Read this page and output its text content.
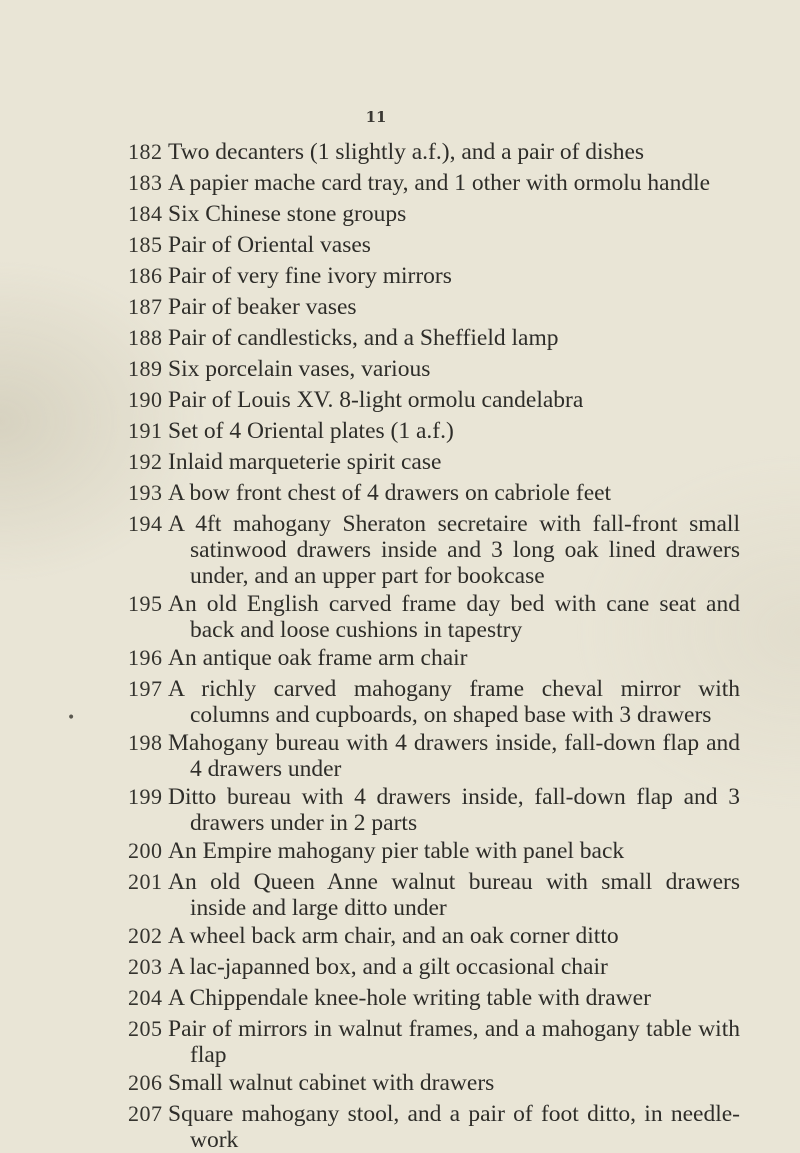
11
•
182 Two decanters (1 slightly a.f.), and a pair of dishes
183 A papier mache card tray, and 1 other with ormolu handle
184 Six Chinese stone groups
185 Pair of Oriental vases
186 Pair of very fine ivory mirrors
187 Pair of beaker vases
188 Pair of candlesticks, and a Sheffield lamp
189 Six porcelain vases, various
190 Pair of Louis XV. 8-light ormolu candelabra
191 Set of 4 Oriental plates (1 a.f.)
192 Inlaid marqueterie spirit case
193 A bow front chest of 4 drawers on cabriole feet
194 A 4ft mahogany Sheraton secretaire with fall-front small satinwood drawers inside and 3 long oak lined drawers under, and an upper part for bookcase
195 An old English carved frame day bed with cane seat and back and loose cushions in tapestry
196 An antique oak frame arm chair
197 A richly carved mahogany frame cheval mirror with columns and cupboards, on shaped base with 3 drawers
198 Mahogany bureau with 4 drawers inside, fall-down flap and 4 drawers under
199 Ditto bureau with 4 drawers inside, fall-down flap and 3 drawers under in 2 parts
200 An Empire mahogany pier table with panel back
201 An old Queen Anne walnut bureau with small drawers inside and large ditto under
202 A wheel back arm chair, and an oak corner ditto
203 A lac-japanned box, and a gilt occasional chair
204 A Chippendale knee-hole writing table with drawer
205 Pair of mirrors in walnut frames, and a mahogany table with flap
206 Small walnut cabinet with drawers
207 Square mahogany stool, and a pair of foot ditto, in needle-work
